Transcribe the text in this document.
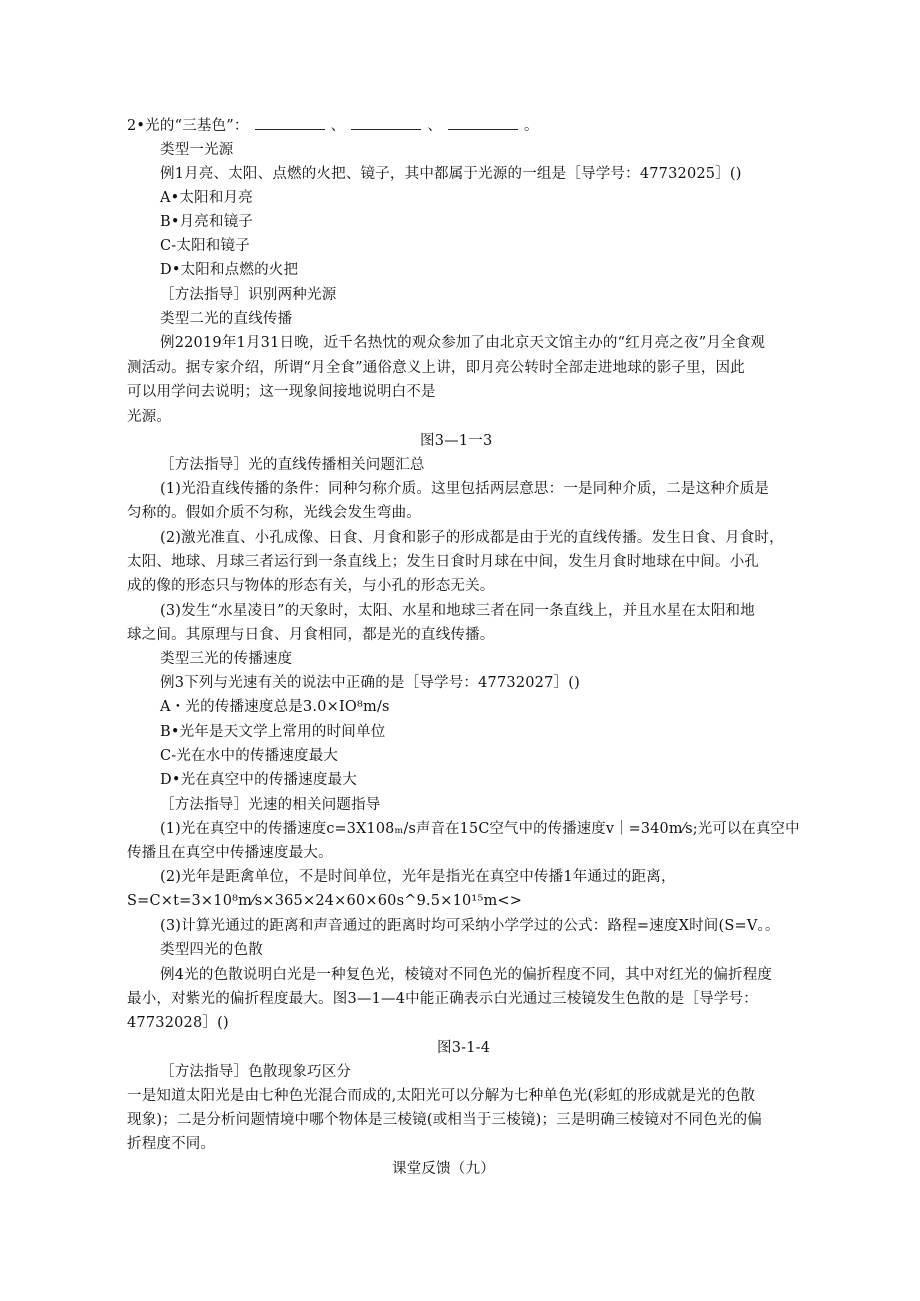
2•光的“三基色”：	、	、	。
类型一光源
例1月亮、太阳、点燃的火把、镜子，其中都属于光源的一组是［导学号：47732025］()
A•太阳和月亮
B•月亮和镜子
C-太阳和镜子
D•太阳和点燃的火把
［方法指导］识别两种光源
类型二光的直线传播
例22019年1月31日晚，近千名热忱的观众参加了由北京天文馆主办的“红月亮之夜”月全食观
测活动。据专家介绍，所谓“月全食”通俗意义上讲，即月亮公转时全部走进地球的影子里，因此
可以用学问去说明；这一现象间接地说明白不是
光源。
图3—1一3
［方法指导］光的直线传播相关问题汇总
(1)光沿直线传播的条件：同种匀称介质。这里包括两层意思：一是同种介质，二是这种介质是
匀称的。假如介质不匀称，光线会发生弯曲。
(2)激光准直、小孔成像、日食、月食和影子的形成都是由于光的直线传播。发生日食、月食时，
太阳、地球、月球三者运行到一条直线上；发生日食时月球在中间，发生月食时地球在中间。小孔
成的像的形态只与物体的形态有关，与小孔的形态无关。
(3)发生“水星凌日”的天象时，太阳、水星和地球三者在同一条直线上，并且水星在太阳和地
球之间。其原理与日食、月食相同，都是光的直线传播。
类型三光的传播速度
例3下列与光速有关的说法中正确的是［导学号：47732027］()
A・光的传播速度总是3.0×IO⁸m/s
B•光年是天文学上常用的时间单位
C-光在水中的传播速度最大
D•光在真空中的传播速度最大
［方法指导］光速的相关问题指导
(1)光在真空中的传播速度c=3X108ₘ/s声音在15C空气中的传播速度v｜=340m⁄s;光可以在真空中
传播且在真空中传播速度最大。
(2)光年是距禽单位，不是时间单位，光年是指光在真空中传播1年通过的距离，
S=C×t=3×10⁸m⁄s×365×24×60×60s^9.5×10¹⁵m<>
(3)计算光通过的距离和声音通过的距离时均可采纳小学学过的公式：路程=速度X时间(S=V。。
类型四光的色散
例4光的色散说明白光是一种复色光，棱镜对不同色光的偏折程度不同，其中对红光的偏折程度
最小，对紫光的偏折程度最大。图3—1—4中能正确表示白光通过三棱镜发生色散的是［导学号：
47732028］()
图3-1-4
［方法指导］色散现象巧区分
一是知道太阳光是由七种色光混合而成的,太阳光可以分解为七种单色光(彩虹的形成就是光的色散
现象)；二是分析问题情境中哪个物体是三棱镜(或相当于三棱镜)；三是明确三棱镜对不同色光的偏
折程度不同。
课堂反馈（九）
